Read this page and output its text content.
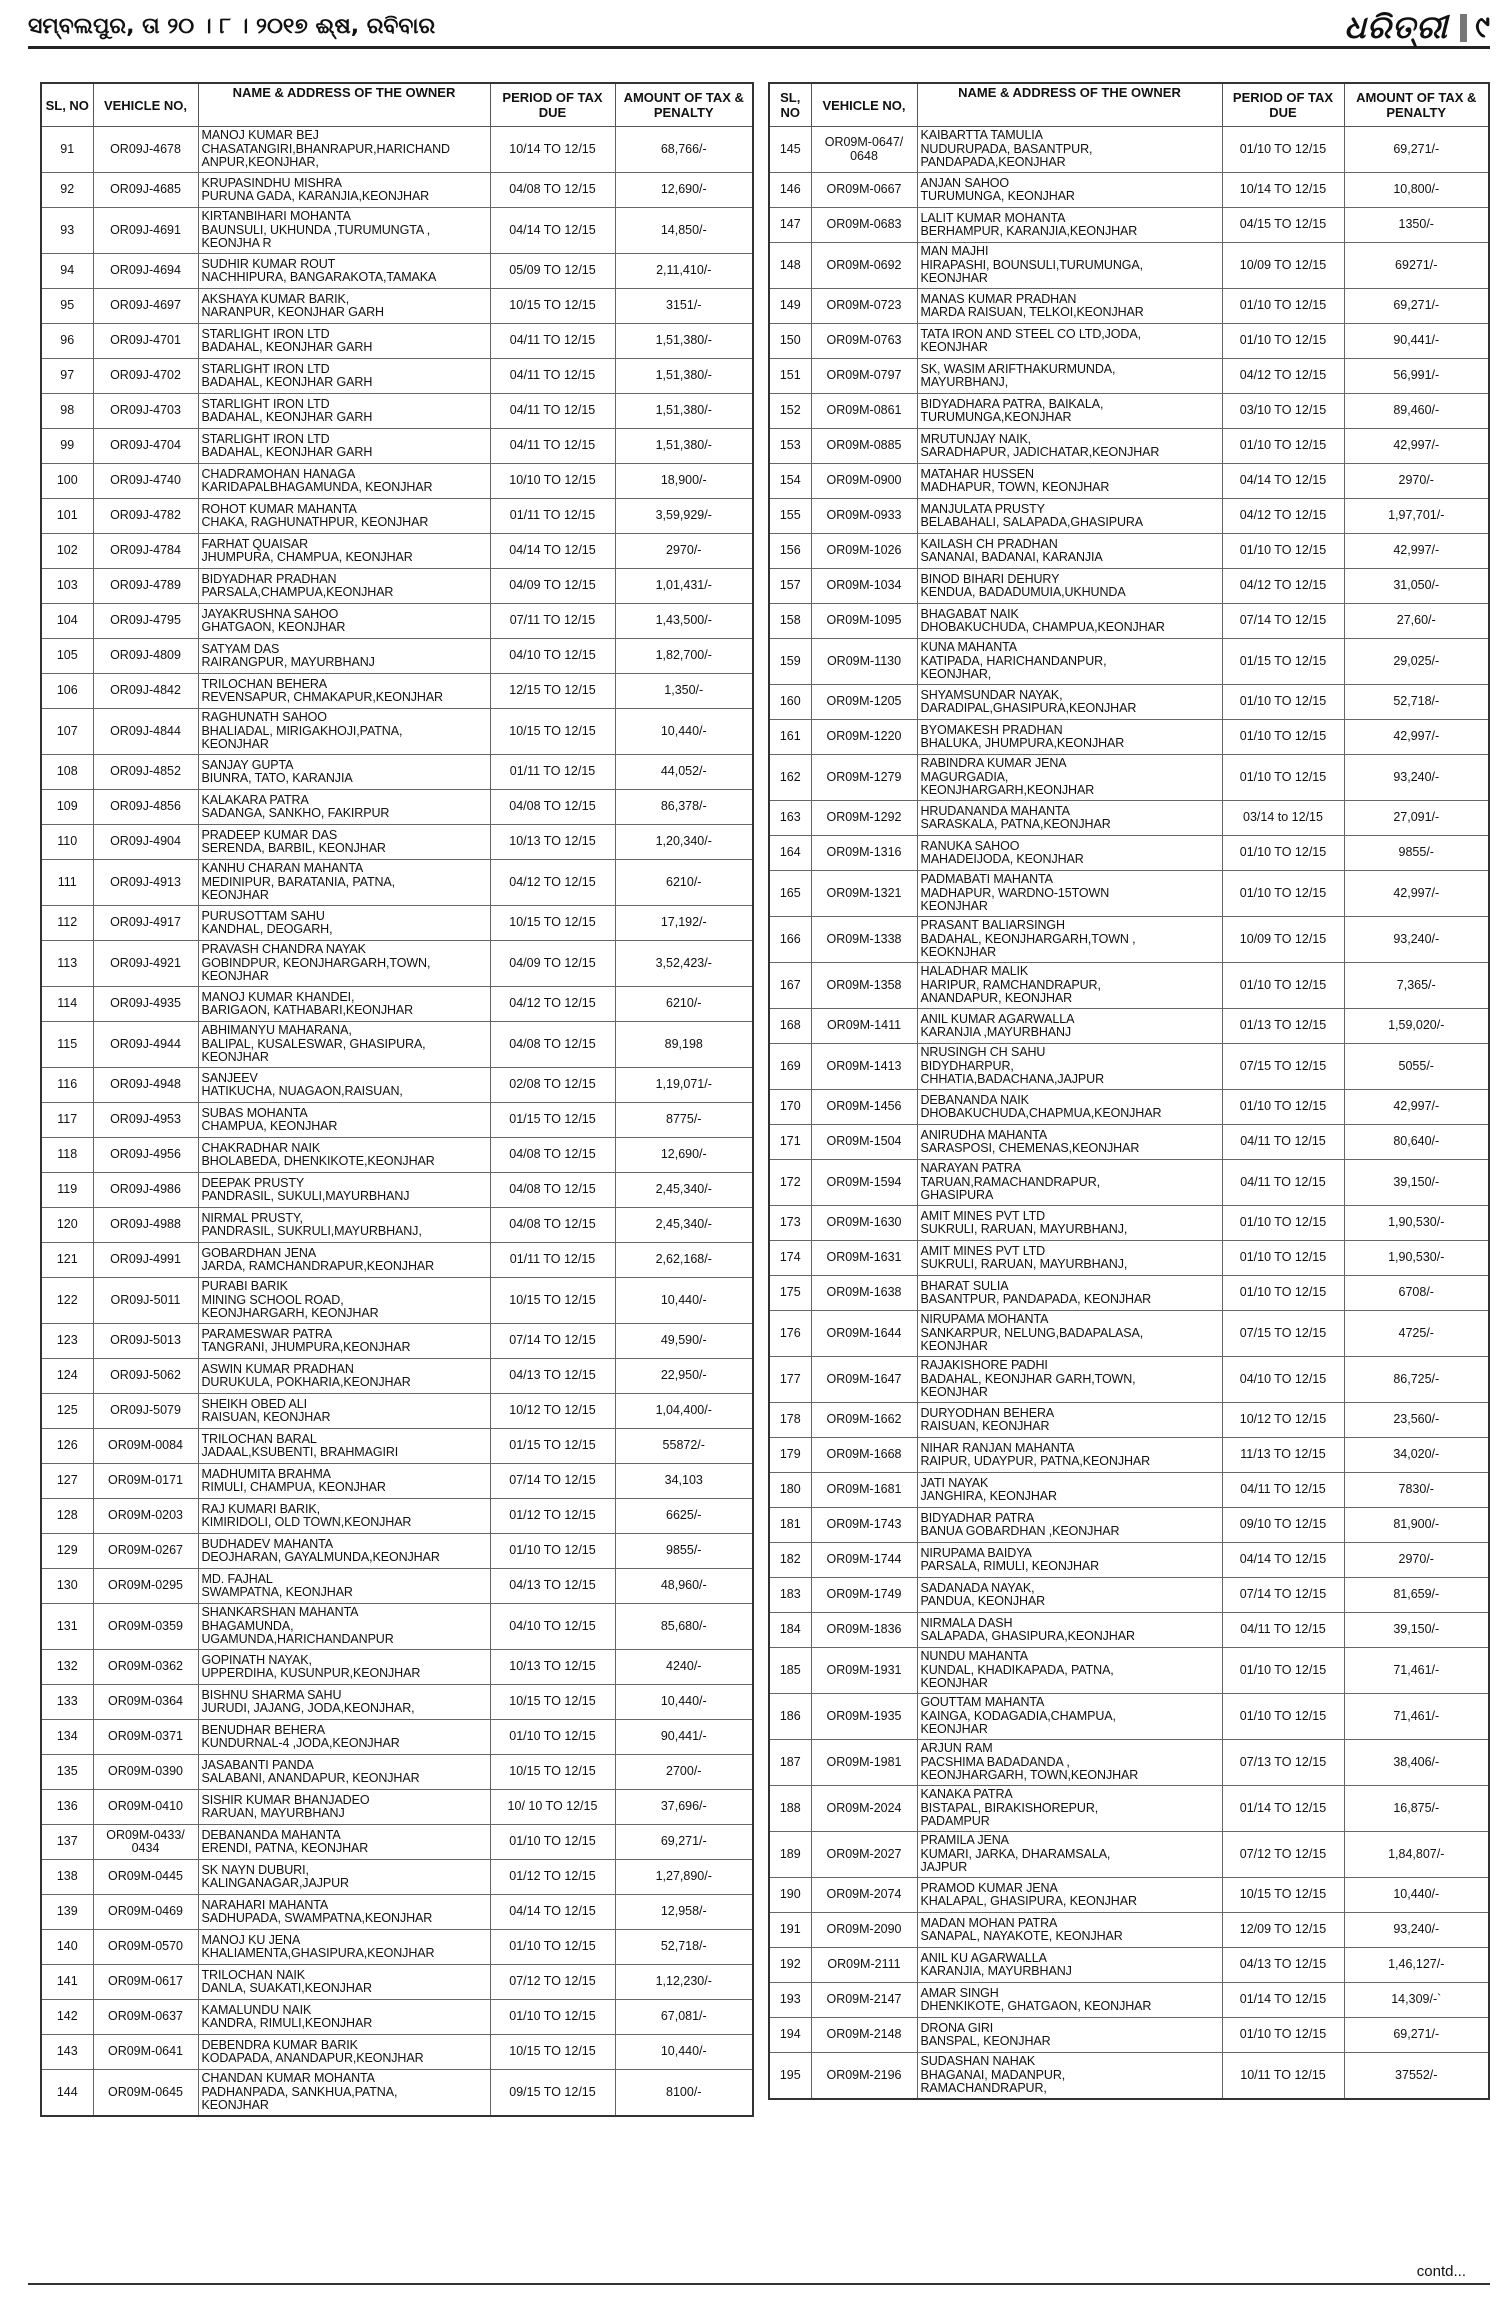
ସମ୍ବଲପୁର, ତା ୨୦ । ୮ । ୨୦୧୭ ଈ୍ଷ, ରବିବାର	ଧରିତ୍ରୀ ୯
SL, NO	VEHICLE NO,	NAME & ADDRESS OF THE OWNER	PERIOD OF TAX DUE	AMOUNT OF TAX & PENALTY
91	OR09J-4678	MANOJ KUMAR BEJ
CHASATANGIRI,BHANRAPUR,HARICHAND
ANPUR,KEONJHAR,	10/14 TO 12/15	68,766/-
92	OR09J-4685	KRUPASINDHU MISHRA
PURUNA GADA, KARANJIA,KEONJHAR	04/08 TO 12/15	12,690/-
93	OR09J-4691	KIRTANBIHARI MOHANTA
BAUNSULI, UKHUNDA ,TURUMUNGTA ,
KEONJHA R	04/14 TO 12/15	14,850/-
94	OR09J-4694	SUDHIR KUMAR ROUT
NACHHIPURA, BANGARAKOTA,TAMAKA	05/09 TO 12/15	2,11,410/-
95	OR09J-4697	AKSHAYA KUMAR BARIK,
NARANPUR, KEONJHAR GARH	10/15 TO 12/15	3151/-
96	OR09J-4701	STARLIGHT IRON LTD
BADAHAL, KEONJHAR GARH	04/11 TO 12/15	1,51,380/-
97	OR09J-4702	STARLIGHT IRON LTD
BADAHAL, KEONJHAR GARH	04/11 TO 12/15	1,51,380/-
98	OR09J-4703	STARLIGHT IRON LTD
BADAHAL, KEONJHAR GARH	04/11 TO 12/15	1,51,380/-
99	OR09J-4704	STARLIGHT IRON LTD
BADAHAL, KEONJHAR GARH	04/11 TO 12/15	1,51,380/-
100	OR09J-4740	CHADRAMOHAN HANAGA
KARIDAPALBHAGAMUNDA, KEONJHAR	10/10 TO 12/15	18,900/-
101	OR09J-4782	ROHOT KUMAR MAHANTA
CHAKA, RAGHUNATHPUR, KEONJHAR	01/11 TO 12/15	3,59,929/-
102	OR09J-4784	FARHAT QUAISAR
JHUMPURA, CHAMPUA, KEONJHAR	04/14 TO 12/15	2970/-
103	OR09J-4789	BIDYADHAR PRADHAN
PARSALA,CHAMPUA,KEONJHAR	04/09 TO 12/15	1,01,431/-
104	OR09J-4795	JAYAKRUSHNA SAHOO
GHATGAON, KEONJHAR	07/11 TO 12/15	1,43,500/-
105	OR09J-4809	SATYAM DAS
RAIRANGPUR, MAYURBHANJ	04/10 TO 12/15	1,82,700/-
106	OR09J-4842	TRILOCHAN BEHERA
REVENSAPUR, CHMAKAPUR,KEONJHAR	12/15 TO 12/15	1,350/-
107	OR09J-4844	RAGHUNATH SAHOO
BHALIADAL, MIRIGAKHOJI,PATNA,
KEONJHAR	10/15 TO 12/15	10,440/-
108	OR09J-4852	SANJAY GUPTA
BIUNRA, TATO, KARANJIA	01/11 TO 12/15	44,052/-
109	OR09J-4856	KALAKARA PATRA
SADANGA, SANKHO, FAKIRPUR	04/08 TO 12/15	86,378/-
110	OR09J-4904	PRADEEP KUMAR DAS
SERENDA, BARBIL, KEONJHAR	10/13 TO 12/15	1,20,340/-
111	OR09J-4913	KANHU CHARAN MAHANTA
MEDINIPUR, BARATANIA, PATNA,
KEONJHAR	04/12 TO 12/15	6210/-
112	OR09J-4917	PURUSOTTAM SAHU
KANDHAL, DEOGARH,	10/15 TO 12/15	17,192/-
113	OR09J-4921	PRAVASH CHANDRA NAYAK
GOBINDPUR, KEONJHARGARH,TOWN,
KEONJHAR	04/09 TO 12/15	3,52,423/-
114	OR09J-4935	MANOJ KUMAR KHANDEI,
BARIGAON, KATHABARI,KEONJHAR	04/12 TO 12/15	6210/-
115	OR09J-4944	ABHIMANYU MAHARANA,
BALIPAL, KUSALESWAR, GHASIPURA,
KEONJHAR	04/08 TO 12/15	89,198
116	OR09J-4948	SANJEEV
HATIKUCHA, NUAGAON,RAISUAN,	02/08 TO 12/15	1,19,071/-
117	OR09J-4953	SUBAS MOHANTA
CHAMPUA, KEONJHAR	01/15 TO 12/15	8775/-
118	OR09J-4956	CHAKRADHAR NAIK
BHOLABEDA, DHENKIKOTE,KEONJHAR	04/08 TO 12/15	12,690/-
119	OR09J-4986	DEEPAK PRUSTY
PANDRASIL, SUKULI,MAYURBHANJ	04/08 TO 12/15	2,45,340/-
120	OR09J-4988	NIRMAL PRUSTY,
PANDRASIL, SUKRULI,MAYURBHANJ,	04/08 TO 12/15	2,45,340/-
121	OR09J-4991	GOBARDHAN JENA
JARDA, RAMCHANDRAPUR,KEONJHAR	01/11 TO 12/15	2,62,168/-
122	OR09J-5011	PURABI BARIK
MINING SCHOOL ROAD,
KEONJHARGARH, KEONJHAR	10/15 TO 12/15	10,440/-
123	OR09J-5013	PARAMESWAR PATRA
TANGRANI, JHUMPURA,KEONJHAR	07/14 TO 12/15	49,590/-
124	OR09J-5062	ASWIN KUMAR PRADHAN
DURUKULA, POKHARIA,KEONJHAR	04/13 TO 12/15	22,950/-
125	OR09J-5079	SHEIKH OBED ALI
RAISUAN, KEONJHAR	10/12 TO 12/15	1,04,400/-
126	OR09M-0084	TRILOCHAN BARAL
JADAAL,KSUBENTI, BRAHMAGIRI	01/15 TO 12/15	55872/-
127	OR09M-0171	MADHUMITA BRAHMA
RIMULI, CHAMPUA, KEONJHAR	07/14 TO 12/15	34,103
128	OR09M-0203	RAJ KUMARI BARIK,
KIMIRIDOLI, OLD TOWN,KEONJHAR	01/12 TO 12/15	6625/-
129	OR09M-0267	BUDHADEV MAHANTA
DEOJHARAN, GAYALMUNDA,KEONJHAR	01/10 TO 12/15	9855/-
130	OR09M-0295	MD. FAJHAL
SWAMPATNA, KEONJHAR	04/13 TO 12/15	48,960/-
131	OR09M-0359	SHANKARSHAN MAHANTA
BHAGAMUNDA,
UGAMUNDA,HARICHANDANPUR	04/10 TO 12/15	85,680/-
132	OR09M-0362	GOPINATH NAYAK,
UPPERDIHA, KUSUNPUR,KEONJHAR	10/13 TO 12/15	4240/-
133	OR09M-0364	BISHNU SHARMA SAHU
JURUDI, JAJANG, JODA,KEONJHAR,	10/15 TO 12/15	10,440/-
134	OR09M-0371	BENUDHAR BEHERA
KUNDURNAL-4 ,JODA,KEONJHAR	01/10 TO 12/15	90,441/-
135	OR09M-0390	JASABANTI PANDA
SALABANI, ANANDAPUR, KEONJHAR	10/15 TO 12/15	2700/-
136	OR09M-0410	SISHIR KUMAR BHANJADEO
RARUAN, MAYURBHANJ	10/ 10 TO 12/15	37,696/-
137	OR09M-0433/
0434	DEBANANDA MAHANTA
ERENDI, PATNA, KEONJHAR	01/10 TO 12/15	69,271/-
138	OR09M-0445	SK NAYN DUBURI,
KALINGANAGAR,JAJPUR	01/12 TO 12/15	1,27,890/-
139	OR09M-0469	NARAHARI MAHANTA
SADHUPADA, SWAMPATNA,KEONJHAR	04/14 TO 12/15	12,958/-
140	OR09M-0570	MANOJ KU JENA
KHALIAMENTA,GHASIPURA,KEONJHAR	01/10 TO 12/15	52,718/-
141	OR09M-0617	TRILOCHAN NAIK
DANLA, SUAKATI,KEONJHAR	07/12 TO 12/15	1,12,230/-
142	OR09M-0637	KAMALUNDU NAIK
KANDRA, RIMULI,KEONJHAR	01/10 TO 12/15	67,081/-
143	OR09M-0641	DEBENDRA KUMAR BARIK
KODAPADA, ANANDAPUR,KEONJHAR	10/15 TO 12/15	10,440/-
144	OR09M-0645	CHANDAN KUMAR MOHANTA
PADHANPADA, SANKHUA,PATNA,
KEONJHAR	09/15 TO 12/15	8100/-
SL, NO	VEHICLE NO,	NAME & ADDRESS OF THE OWNER	PERIOD OF TAX DUE	AMOUNT OF TAX & PENALTY
145	OR09M-0647/
0648	KAIBARTTA TAMULIA
NUDURUPADA, BASANTPUR,
PANDAPADA,KEONJHAR	01/10 TO 12/15	69,271/-
146	OR09M-0667	ANJAN SAHOO
TURUMUNGA, KEONJHAR	10/14 TO 12/15	10,800/-
147	OR09M-0683	LALIT KUMAR MOHANTA
BERHAMPUR, KARANJIA,KEONJHAR	04/15 TO 12/15	1350/-
148	OR09M-0692	MAN MAJHI
HIRAPASHI, BOUNSULI,TURUMUNGA,
KEONJHAR	10/09 TO 12/15	69271/-
149	OR09M-0723	MANAS KUMAR PRADHAN
MARDA RAISUAN, TELKOI,KEONJHAR	01/10 TO 12/15	69,271/-
150	OR09M-0763	TATA IRON AND STEEL CO LTD,JODA,
KEONJHAR	01/10 TO 12/15	90,441/-
151	OR09M-0797	SK, WASIM ARIFTHAKURMUNDA,
MAYURBHANJ,	04/12 TO 12/15	56,991/-
152	OR09M-0861	BIDYADHARA PATRA, BAIKALA,
TURUMUNGA,KEONJHAR	03/10 TO 12/15	89,460/-
153	OR09M-0885	MRUTUNJAY NAIK,
SARADHAPUR, JADICHATAR,KEONJHAR	01/10 TO 12/15	42,997/-
154	OR09M-0900	MATAHAR HUSSEN
MADHAPUR, TOWN, KEONJHAR	04/14 TO 12/15	2970/-
155	OR09M-0933	MANJULATA PRUSTY
BELABAHALI, SALAPADA,GHASIPURA	04/12 TO 12/15	1,97,701/-
156	OR09M-1026	KAILASH CH PRADHAN
SANANAI, BADANAI, KARANJIA	01/10 TO 12/15	42,997/-
157	OR09M-1034	BINOD BIHARI DEHURY
KENDUA, BADADUMUIA,UKHUNDA	04/12 TO 12/15	31,050/-
158	OR09M-1095	BHAGABAT NAIK
DHOBAKUCHUDA, CHAMPUA,KEONJHAR	07/14 TO 12/15	27,60/-
159	OR09M-1130	KUNA MAHANTA
KATIPADA, HARICHANDANPUR,
KEONJHAR,	01/15 TO 12/15	29,025/-
160	OR09M-1205	SHYAMSUNDAR NAYAK,
DARADIPAL,GHASIPURA,KEONJHAR	01/10 TO 12/15	52,718/-
161	OR09M-1220	BYOMAKESH PRADHAN
BHALUKA, JHUMPURA,KEONJHAR	01/10 TO 12/15	42,997/-
162	OR09M-1279	RABINDRA KUMAR JENA
MAGURGADIA,
KEONJHARGARH,KEONJHAR	01/10 TO 12/15	93,240/-
163	OR09M-1292	HRUDANANDA MAHANTA
SARASKALA, PATNA,KEONJHAR	03/14 to 12/15	27,091/-
164	OR09M-1316	RANUKA SAHOO
MAHADEIJODA, KEONJHAR	01/10 TO 12/15	9855/-
165	OR09M-1321	PADMABATI MAHANTA
MADHAPUR, WARDNO-15TOWN
KEONJHAR	01/10 TO 12/15	42,997/-
166	OR09M-1338	PRASANT BALIARSINGH
BADAHAL, KEONJHARGARH,TOWN ,
KEOKNJHAR	10/09 TO 12/15	93,240/-
167	OR09M-1358	HALADHAR MALIK
HARIPUR, RAMCHANDRAPUR,
ANANDAPUR, KEONJHAR	01/10 TO 12/15	7,365/-
168	OR09M-1411	ANIL KUMAR AGARWALLA
KARANJIA ,MAYURBHANJ	01/13 TO 12/15	1,59,020/-
169	OR09M-1413	NRUSINGH CH SAHU
BIDYDHARPUR,
CHHATIA,BADACHANA,JAJPUR	07/15 TO 12/15	5055/-
170	OR09M-1456	DEBANANDA NAIK
DHOBAKUCHUDA,CHAPMUA,KEONJHAR	01/10 TO 12/15	42,997/-
171	OR09M-1504	ANIRUDHA MAHANTA
SARASPOSI, CHEMENAS,KEONJHAR	04/11 TO 12/15	80,640/-
172	OR09M-1594	NARAYAN PATRA
TARUAN,RAMACHANDRAPUR,
GHASIPURA	04/11 TO 12/15	39,150/-
173	OR09M-1630	AMIT MINES PVT LTD
SUKRULI, RARUAN, MAYURBHANJ,	01/10 TO 12/15	1,90,530/-
174	OR09M-1631	AMIT MINES PVT LTD
SUKRULI, RARUAN, MAYURBHANJ,	01/10 TO 12/15	1,90,530/-
175	OR09M-1638	BHARAT SULIA
BASANTPUR, PANDAPADA, KEONJHAR	01/10 TO 12/15	6708/-
176	OR09M-1644	NIRUPAMA MOHANTA
SANKARPUR, NELUNG,BADAPALASA,
KEONJHAR	07/15 TO 12/15	4725/-
177	OR09M-1647	RAJAKISHORE PADHI
BADAHAL, KEONJHAR GARH,TOWN,
KEONJHAR	04/10 TO 12/15	86,725/-
178	OR09M-1662	DURYODHAN BEHERA
RAISUAN, KEONJHAR	10/12 TO 12/15	23,560/-
179	OR09M-1668	NIHAR RANJAN MAHANTA
RAIPUR, UDAYPUR, PATNA,KEONJHAR	11/13 TO 12/15	34,020/-
180	OR09M-1681	JATI NAYAK
JANGHIRA, KEONJHAR	04/11 TO 12/15	7830/-
181	OR09M-1743	BIDYADHAR PATRA
BANUA GOBARDHAN ,KEONJHAR	09/10 TO 12/15	81,900/-
182	OR09M-1744	NIRUPAMA BAIDYA
PARSALA, RIMULI, KEONJHAR	04/14 TO 12/15	2970/-
183	OR09M-1749	SADANADA NAYAK,
PANDUA, KEONJHAR	07/14 TO 12/15	81,659/-
184	OR09M-1836	NIRMALA DASH
SALAPADA, GHASIPURA,KEONJHAR	04/11 TO 12/15	39,150/-
185	OR09M-1931	NUNDU MAHANTA
KUNDAL, KHADIKAPADA, PATNA,
KEONJHAR	01/10 TO 12/15	71,461/-
186	OR09M-1935	GOUTTAM MAHANTA
KAINGA, KODAGADIA,CHAMPUA,
KEONJHAR	01/10 TO 12/15	71,461/-
187	OR09M-1981	ARJUN RAM
PACSHIMA BADADANDA ,
KEONJHARGARH, TOWN,KEONJHAR	07/13 TO 12/15	38,406/-
188	OR09M-2024	KANAKA PATRA
BISTAPAL, BIRAKISHOREPUR,
PADAMPUR	01/14 TO 12/15	16,875/-
189	OR09M-2027	PRAMILA JENA
KUMARI, JARKA, DHARAMSALA,
JAJPUR	07/12 TO 12/15	1,84,807/-
190	OR09M-2074	PRAMOD KUMAR JENA
KHALAPAL, GHASIPURA, KEONJHAR	10/15 TO 12/15	10,440/-
191	OR09M-2090	MADAN MOHAN PATRA
SANAPAL, NAYAKOTE, KEONJHAR	12/09 TO 12/15	93,240/-
192	OR09M-2111	ANIL KU AGARWALLA
KARANJIA, MAYURBHANJ	04/13 TO 12/15	1,46,127/-
193	OR09M-2147	AMAR SINGH
DHENKIKOTE, GHATGAON, KEONJHAR	01/14 TO 12/15	14,309/-`
194	OR09M-2148	DRONA GIRI
BANSPAL, KEONJHAR	01/10 TO 12/15	69,271/-
195	OR09M-2196	SUDASHAN NAHAK
BHAGANAI, MADANPUR,
RAMACHANDRAPUR,	10/11 TO 12/15	37552/-
contd...
